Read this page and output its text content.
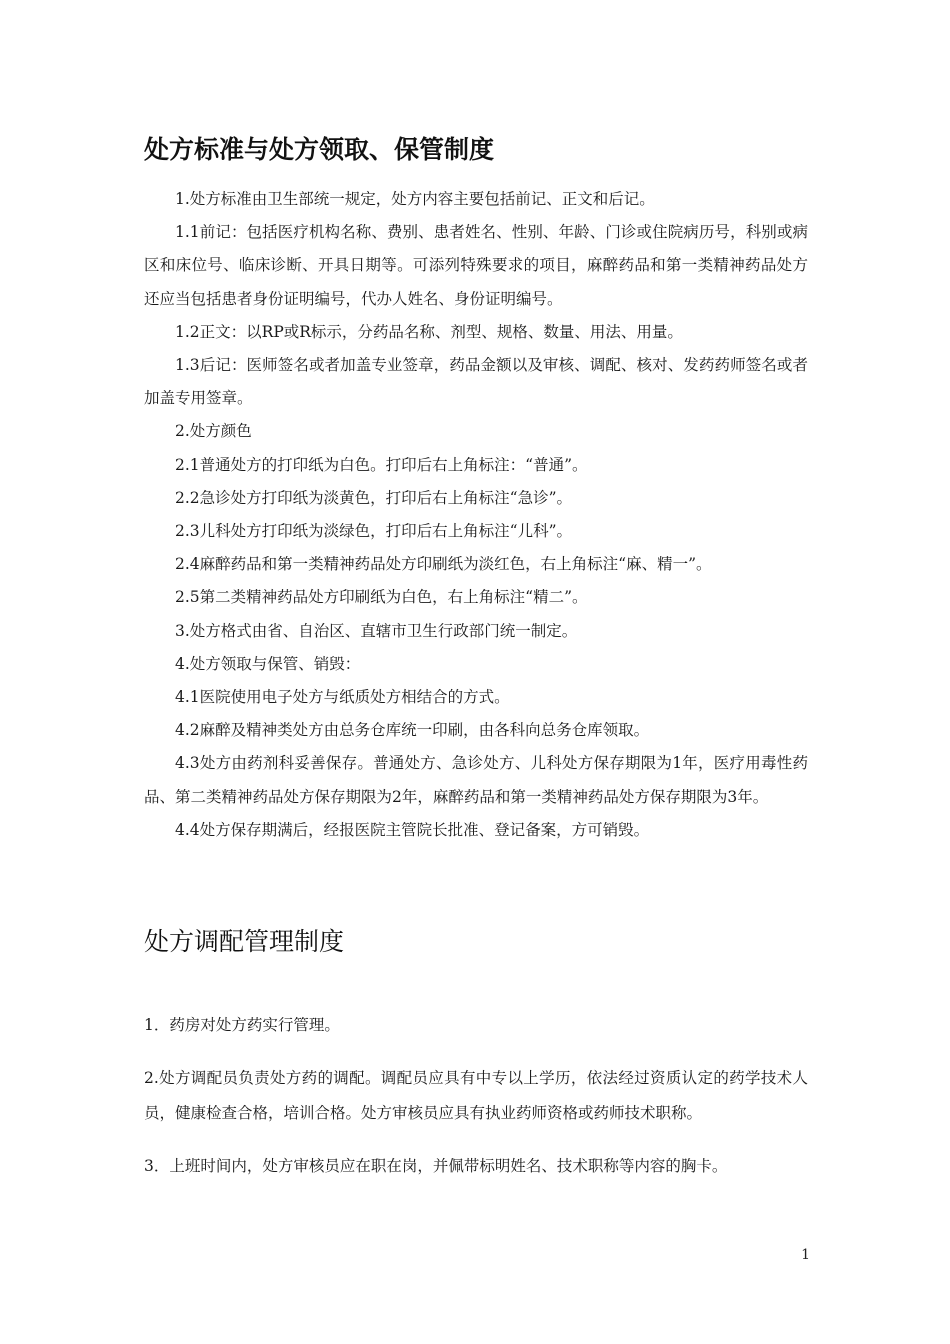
处方标准与处方领取、保管制度

1.处方标准由卫生部统一规定，处方内容主要包括前记、正文和后记。

1.1前记：包括医疗机构名称、费别、患者姓名、性别、年龄、门诊或住院病历号，科别或病区和床位号、临床诊断、开具日期等。可添列特殊要求的项目，麻醉药品和第一类精神药品处方还应当包括患者身份证明编号，代办人姓名、身份证明编号。

1.2正文：以RP或R标示，分药品名称、剂型、规格、数量、用法、用量。

1.3后记：医师签名或者加盖专业签章，药品金额以及审核、调配、核对、发药药师签名或者加盖专用签章。

2.处方颜色

2.1普通处方的打印纸为白色。打印后右上角标注：“普通”。

2.2急诊处方打印纸为淡黄色，打印后右上角标注“急诊”。

2.3儿科处方打印纸为淡绿色，打印后右上角标注“儿科”。

2.4麻醉药品和第一类精神药品处方印刷纸为淡红色，右上角标注“麻、精一”。

2.5第二类精神药品处方印刷纸为白色，右上角标注“精二”。

3.处方格式由省、自治区、直辖市卫生行政部门统一制定。

4.处方领取与保管、销毁：

4.1医院使用电子处方与纸质处方相结合的方式。

4.2麻醉及精神类处方由总务仓库统一印刷，由各科向总务仓库领取。

4.3处方由药剂科妥善保存。普通处方、急诊处方、儿科处方保存期限为1年，医疗用毒性药品、第二类精神药品处方保存期限为2年，麻醉药品和第一类精神药品处方保存期限为3年。

4.4处方保存期满后，经报医院主管院长批准、登记备案，方可销毁。

处方调配管理制度

1．药房对处方药实行管理。

2.处方调配员负责处方药的调配。调配员应具有中专以上学历，依法经过资质认定的药学技术人员，健康检查合格，培训合格。处方审核员应具有执业药师资格或药师技术职称。

3．上班时间内，处方审核员应在职在岗，并佩带标明姓名、技术职称等内容的胸卡。

1
